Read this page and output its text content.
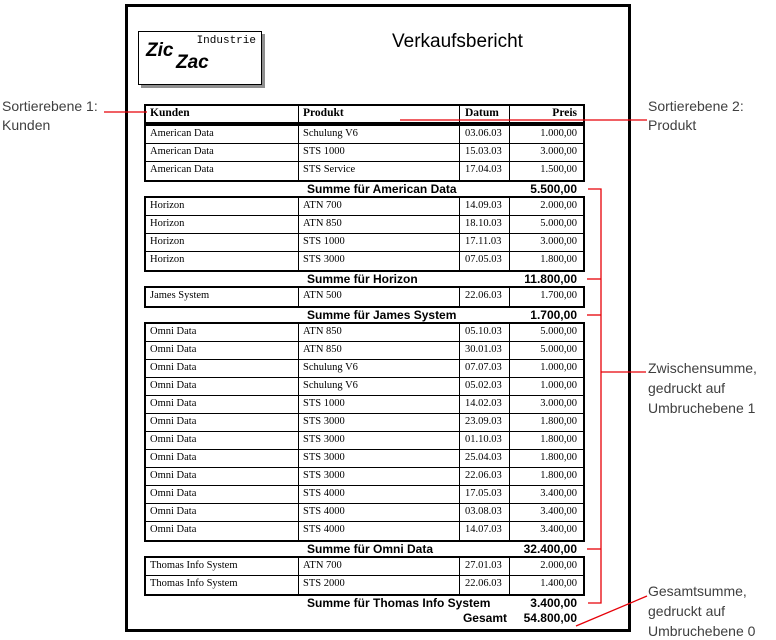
Zic
Zac
Industrie	Verkaufsbericht
Kunden	Produkt	Datum	Preis
American Data	Schulung V6	03.06.03	1.000,00
American Data	STS 1000	15.03.03	3.000,00
American Data	STS Service	17.04.03	1.500,00
Summe für American Data	5.500,00
Horizon	ATN 700	14.09.03	2.000,00
Horizon	ATN 850	18.10.03	5.000,00
Horizon	STS 1000	17.11.03	3.000,00
Horizon	STS 3000	07.05.03	1.800,00
Summe für Horizon	11.800,00
James System	ATN 500	22.06.03	1.700,00
Summe für James System	1.700,00
Omni Data	ATN 850	05.10.03	5.000,00
Omni Data	ATN 850	30.01.03	5.000,00
Omni Data	Schulung V6	07.07.03	1.000,00
Omni Data	Schulung V6	05.02.03	1.000,00
Omni Data	STS 1000	14.02.03	3.000,00
Omni Data	STS 3000	23.09.03	1.800,00
Omni Data	STS 3000	01.10.03	1.800,00
Omni Data	STS 3000	25.04.03	1.800,00
Omni Data	STS 3000	22.06.03	1.800,00
Omni Data	STS 4000	17.05.03	3.400,00
Omni Data	STS 4000	03.08.03	3.400,00
Omni Data	STS 4000	14.07.03	3.400,00
Summe für Omni Data	32.400,00
Thomas Info System	ATN 700	27.01.03	2.000,00
Thomas Info System	STS 2000	22.06.03	1.400,00
Summe für Thomas Info System	3.400,00
Gesamt 54.800,00
Sortierebene 1:
Kunden
Sortierebene 2:
Produkt
Zwischensumme,
gedruckt auf
Umbruchebene 1
Gesamtsumme,
gedruckt auf
Umbruchebene 0
